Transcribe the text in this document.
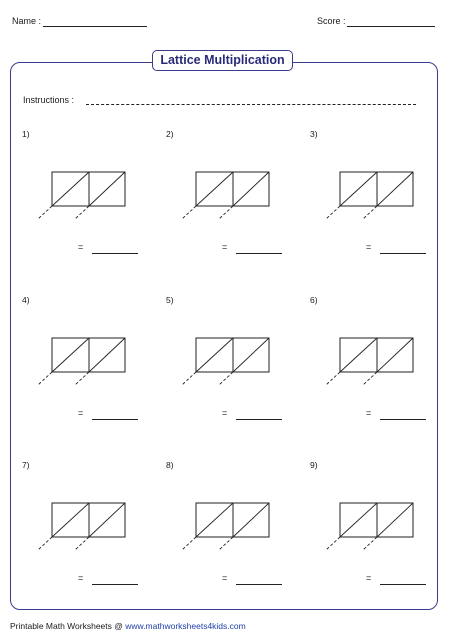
Name :	Score :
Lattice Multiplication
Instructions :
1)
=
2)
=
3)
=
4)
=
5)
=
6)
=
7)
=
8)
=
9)
=
Printable Math Worksheets @ www.mathworksheets4kids.com
